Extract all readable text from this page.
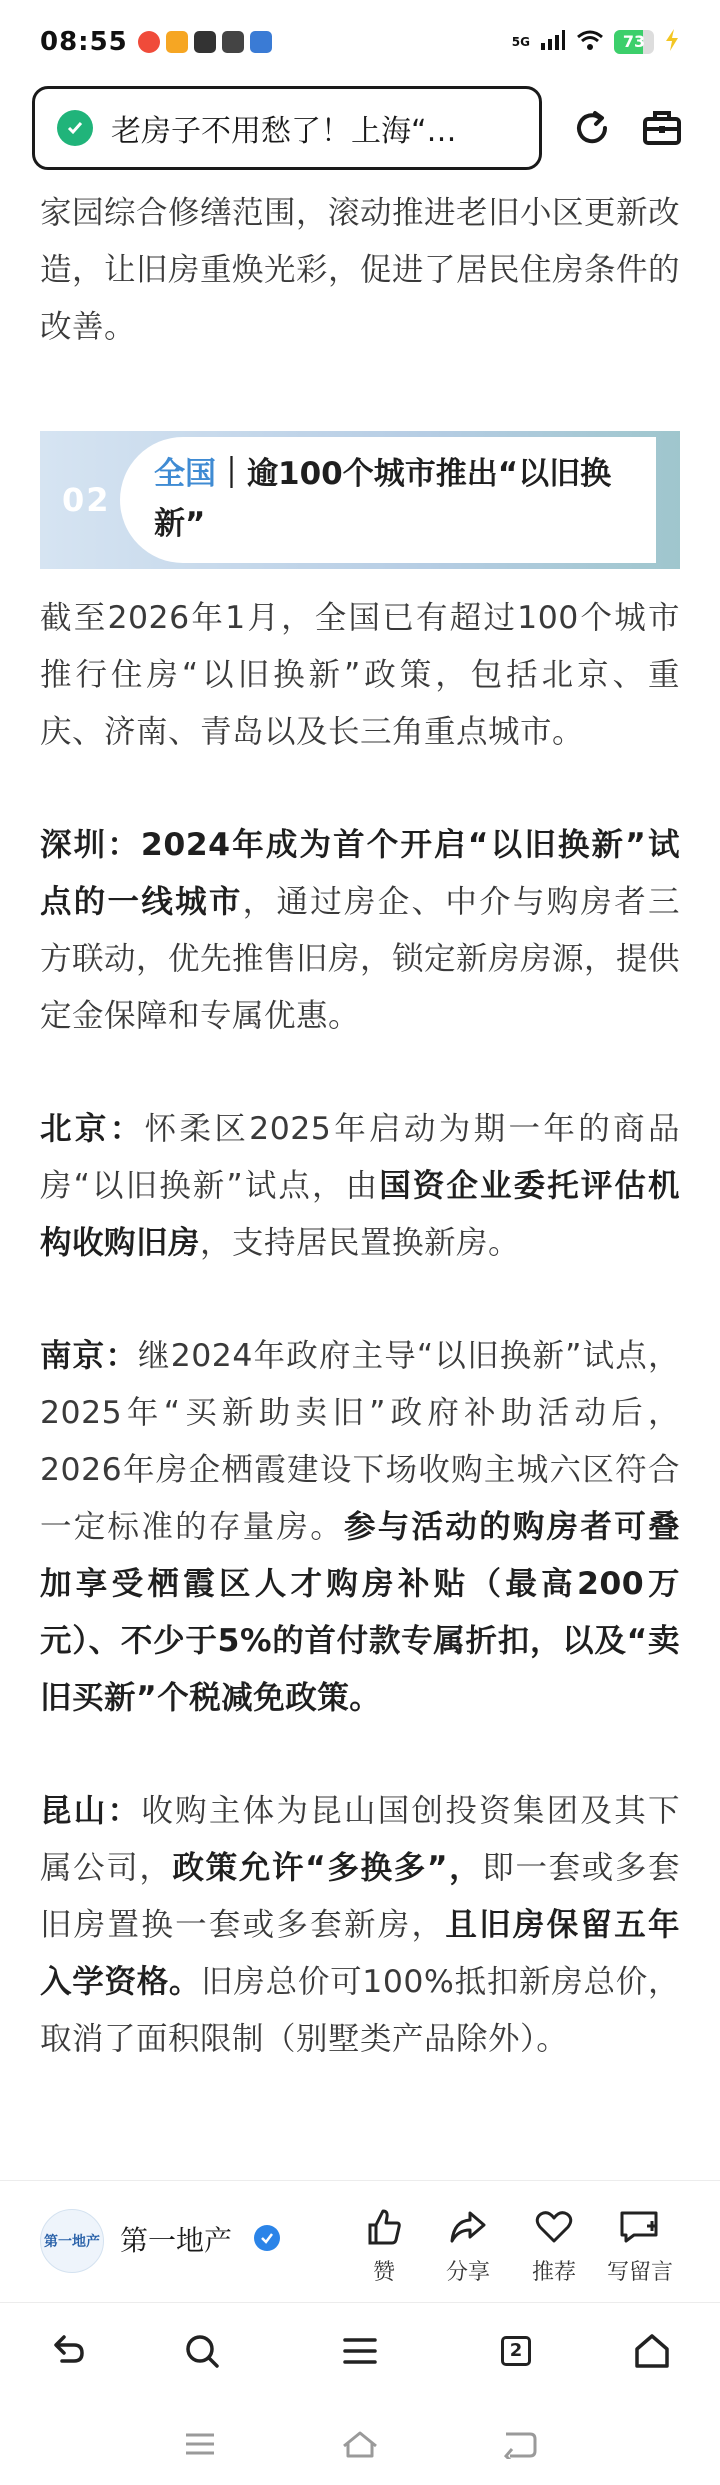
08:55	5G	73
老房子不用愁了！上海“…

家园综合修缮范围，滚动推进老旧小区更新改造，让旧房重焕光彩，促进了居民住房条件的改善。

02
全国｜逾100个城市推出“以旧换新”

截至2026年1月，全国已有超过100个城市推行住房“以旧换新”政策，包括北京、重庆、济南、青岛以及长三角重点城市。

深圳：2024年成为首个开启“以旧换新”试点的一线城市，通过房企、中介与购房者三方联动，优先推售旧房，锁定新房房源，提供定金保障和专属优惠。

北京：怀柔区2025年启动为期一年的商品房“以旧换新”试点，由国资企业委托评估机构收购旧房，支持居民置换新房。

南京：继2024年政府主导“以旧换新”试点，2025年“买新助卖旧”政府补助活动后，2026年房企栖霞建设下场收购主城六区符合一定标准的存量房。参与活动的购房者可叠加享受栖霞区人才购房补贴（最高200万元）、不少于5%的首付款专属折扣，以及“卖旧买新”个税减免政策。

昆山：收购主体为昆山国创投资集团及其下属公司，政策允许“多换多”，即一套或多套旧房置换一套或多套新房，且旧房保留五年入学资格。旧房总价可100%抵扣新房总价，取消了面积限制（别墅类产品除外）。

第一地产 第一地产
赞	分享	推荐	写留言
2
